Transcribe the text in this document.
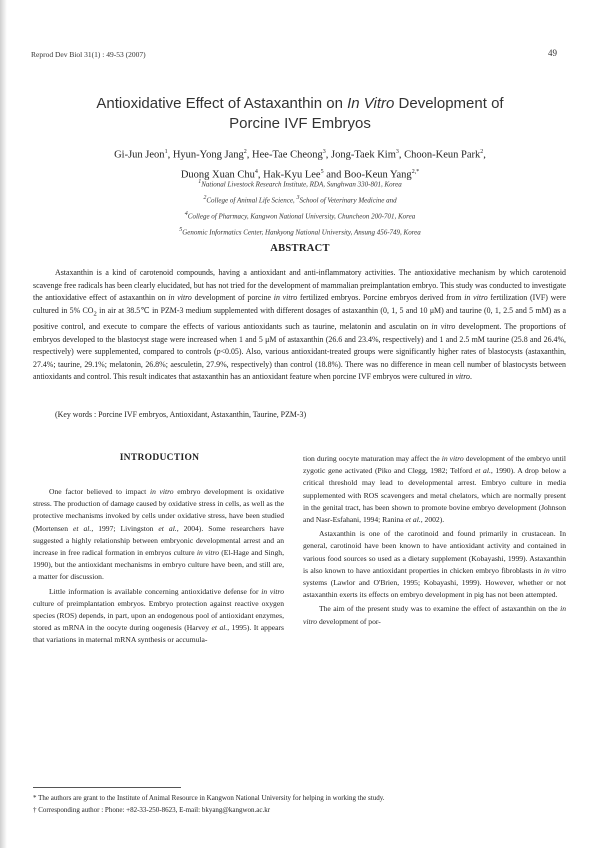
Reprod Dev Biol 31(1) : 49-53 (2007)	49
Antioxidative Effect of Astaxanthin on In Vitro Development of
Porcine IVF Embryos
Gi-Jun Jeon$^1$, Hyun-Yong Jang$^2$, Hee-Tae Cheong$^3$, Jong-Taek Kim$^3$, Choon-Keun Park$^2$,
Duong Xuan Chu$^4$, Hak-Kyu Lee$^5$ and Boo-Keun Yang$^{2,*}$
$^1$National Livestock Research Institute, RDA, Sunghwan 330-801, Korea
$^2$College of Animal Life Science, $^3$School of Veterinary Medicine and
$^4$College of Pharmacy, Kangwon National University, Chuncheon 200-701, Korea
$^5$Genomic Informatics Center, Hankyong National University, Ansung 456-749, Korea
ABSTRACT
Astaxanthin is a kind of carotenoid compounds, having a antioxidant and anti-inflammatory activities. The antioxidative mechanism by which carotenoid scavenge free radicals has been clearly elucidated, but has not tried for the development of mammalian preimplantation embryo. This study was conducted to investigate the antioxidative effect of astaxanthin on in vitro development of porcine in vitro fertilized embryos. Porcine embryos derived from in vitro fertilization (IVF) were cultured in 5% $CO_2$ in air at 38.5℃ in PZM-3 medium supplemented with different dosages of astaxanthin (0, 1, 5 and 10 μM) and taurine (0, 1, 2.5 and 5 mM) as a positive control, and execute to compare the effects of various antioxidants such as taurine, melatonin and asculatin on in vitro development. The proportions of embryos developed to the blastocyst stage were increased when 1 and 5 μM of astaxanthin (26.6 and 23.4%, respectively) and 1 and 2.5 mM taurine (25.8 and 26.4%, respectively) were supplemented, compared to controls (p<0.05). Also, various antioxidant-treated groups were significantly higher rates of blastocysts (astaxanthin, 27.4%; taurine, 29.1%; melatonin, 26.8%; aesculetin, 27.9%, respectively) than control (18.8%). There was no difference in mean cell number of blastocysts between antioxidants and control. This result indicates that astaxanthin has an antioxidant feature when porcine IVF embryos were cultured in vitro.
(Key words : Porcine IVF embryos, Antioxidant, Astaxanthin, Taurine, PZM-3)
INTRODUCTION

One factor believed to impact in vitro embryo development is oxidative stress. The production of damage caused by oxidative stress in cells, as well as the protective mechanisms invoked by cells under oxidative stress, have been studied (Mortensen et al., 1997; Livingston et al., 2004). Some researchers have suggested a highly relationship between embryonic developmental arrest and an increase in free radical formation in embryos culture in vitro (El-Hage and Singh, 1990), but the antioxidant mechanisms in embryo culture have been, and still are, a matter for discussion.

Little information is available concerning antioxidative defense for in vitro culture of preimplantation embryos. Embryo protection against reactive oxygen species (ROS) depends, in part, upon an endogenous pool of antioxidant enzymes, stored as mRNA in the oocyte during oogenesis (Harvey et al., 1995). It appears that variations in maternal mRNA synthesis or accumula-

tion during oocyte maturation may affect the in vitro development of the embryo until zygotic gene activated (Piko and Clegg, 1982; Telford et al., 1990). A drop below a critical threshold may lead to developmental arrest. Embryo culture in media supplemented with ROS scavengers and metal chelators, which are normally present in the genital tract, has been shown to promote bovine embryo development (Johnson and Nasr-Esfahani, 1994; Ranina et al., 2002).

Astaxanthin is one of the carotinoid and found primarily in crustacean. In general, carotinoid have been known to have antioxidant activity and contained in various food sources so used as a dietary supplement (Kobayashi, 1999). Astaxanthin is also known to have antioxidant properties in chicken embryo fibroblasts in in vitro systems (Lawlor and O'Brien, 1995; Kobayashi, 1999). However, whether or not astaxanthin exerts its effects on embryo development in pig has not been attempted.

The aim of the present study was to examine the effect of astaxanthin on the in vitro development of por-

* The authors are grant to the Institute of Animal Resource in Kangwon National University for helping in working the study.
† Corresponding author : Phone: +82-33-250-8623, E-mail: bkyang@kangwon.ac.kr
